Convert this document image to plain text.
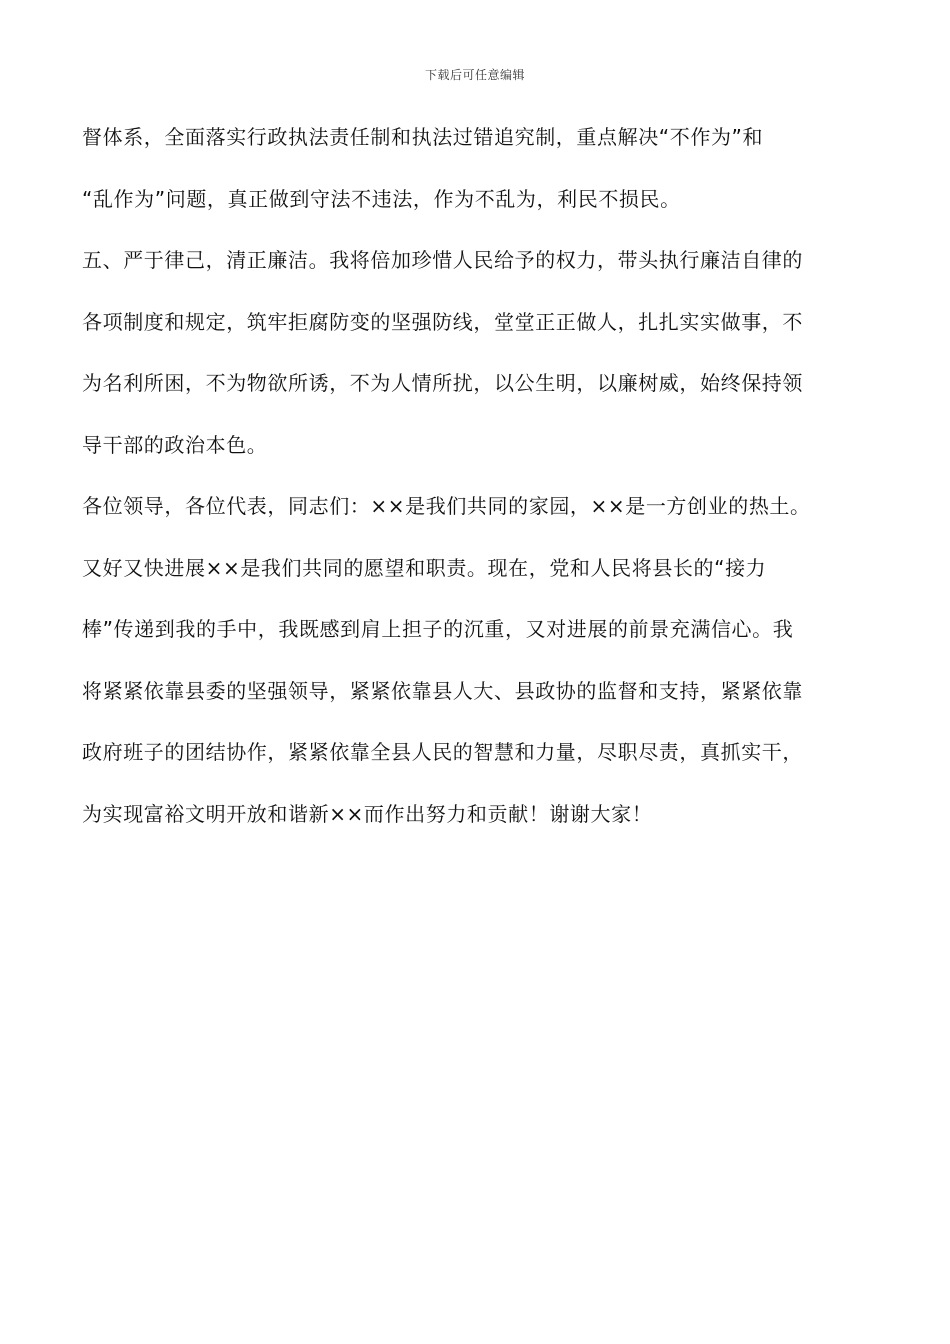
下载后可任意编辑
督体系，全面落实行政执法责任制和执法过错追究制，重点解决“不作为”和
“乱作为”问题，真正做到守法不违法，作为不乱为，利民不损民。
五、严于律己，清正廉洁。我将倍加珍惜人民给予的权力，带头执行廉洁自律的
各项制度和规定，筑牢拒腐防变的坚强防线，堂堂正正做人，扎扎实实做事，不
为名利所困，不为物欲所诱，不为人情所扰，以公生明，以廉树威，始终保持领
导干部的政治本色。
各位领导，各位代表，同志们：××是我们共同的家园，××是一方创业的热土。
又好又快进展××是我们共同的愿望和职责。现在，党和人民将县长的“接力
棒”传递到我的手中，我既感到肩上担子的沉重，又对进展的前景充满信心。我
将紧紧依靠县委的坚强领导，紧紧依靠县人大、县政协的监督和支持，紧紧依靠
政府班子的团结协作，紧紧依靠全县人民的智慧和力量，尽职尽责，真抓实干，
为实现富裕文明开放和谐新××而作出努力和贡献！谢谢大家！
